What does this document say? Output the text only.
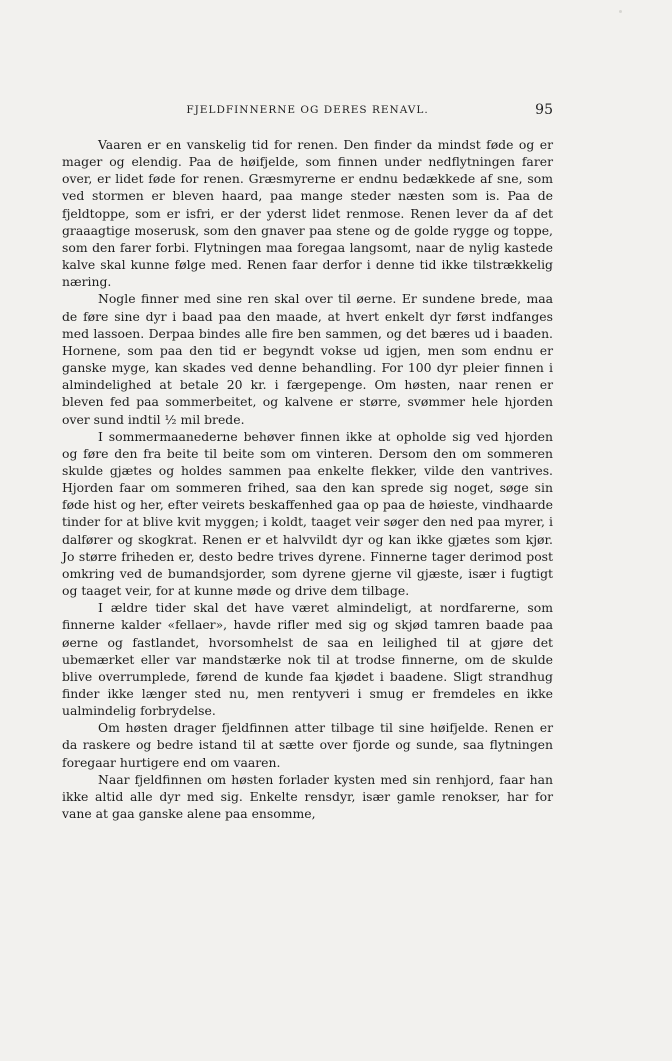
FJELDFINNERNE OG DERES RENAVL.	95

Vaaren er en vanskelig tid for renen. Den finder da mindst føde og er mager og elendig. Paa de høifjelde, som finnen under nedflytningen farer over, er lidet føde for renen. Græsmyrerne er endnu bedækkede af sne, som ved stormen er bleven haard, paa mange steder næsten som is. Paa de fjeldtoppe, som er isfri, er der yderst lidet renmose. Renen lever da af det graaagtige moserusk, som den gnaver paa stene og de golde rygge og toppe, som den farer forbi. Flytningen maa foregaa langsomt, naar de nylig kastede kalve skal kunne følge med. Renen faar derfor i denne tid ikke tilstrækkelig næring.

Nogle finner med sine ren skal over til øerne. Er sundene brede, maa de føre sine dyr i baad paa den maade, at hvert enkelt dyr først indfanges med lassoen. Derpaa bindes alle fire ben sammen, og det bæres ud i baaden. Hornene, som paa den tid er begyndt vokse ud igjen, men som endnu er ganske myge, kan skades ved denne behandling. For 100 dyr pleier finnen i almindelighed at betale 20 kr. i færgepenge. Om høsten, naar renen er bleven fed paa sommerbeitet, og kalvene er større, svømmer hele hjorden over sund indtil ½ mil brede.

I sommermaanederne behøver finnen ikke at opholde sig ved hjorden og føre den fra beite til beite som om vinteren. Dersom den om sommeren skulde gjætes og holdes sammen paa enkelte flekker, vilde den vantrives. Hjorden faar om sommeren frihed, saa den kan sprede sig noget, søge sin føde hist og her, efter veirets beskaffenhed gaa op paa de høieste, vindhaarde tinder for at blive kvit myggen; i koldt, taaget veir søger den ned paa myrer, i dalfører og skogkrat. Renen er et halvvildt dyr og kan ikke gjætes som kjør. Jo større friheden er, desto bedre trives dyrene. Finnerne tager derimod post omkring ved de bumandsjorder, som dyrene gjerne vil gjæste, især i fugtigt og taaget veir, for at kunne møde og drive dem tilbage.

I ældre tider skal det have været almindeligt, at nordfarerne, som finnerne kalder «fellaer», havde rifler med sig og skjød tamren baade paa øerne og fastlandet, hvorsomhelst de saa en leilighed til at gjøre det ubemærket eller var mandstærke nok til at trodse finnerne, om de skulde blive overrumplede, førend de kunde faa kjødet i baadene. Sligt strandhug finder ikke længer sted nu, men rentyveri i smug er fremdeles en ikke ualmindelig forbrydelse.

Om høsten drager fjeldfinnen atter tilbage til sine høifjelde. Renen er da raskere og bedre istand til at sætte over fjorde og sunde, saa flytningen foregaar hurtigere end om vaaren.

Naar fjeldfinnen om høsten forlader kysten med sin renhjord, faar han ikke altid alle dyr med sig. Enkelte rensdyr, især gamle renokser, har for vane at gaa ganske alene paa ensomme,
